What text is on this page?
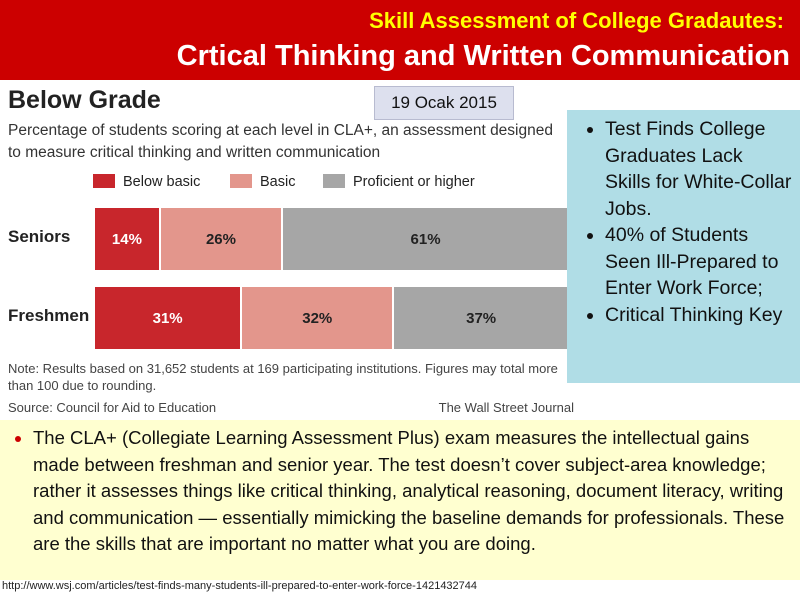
Skill Assessment of College Gradautes:
Crtical Thinking and Written Communication
Below Grade
Percentage of students scoring at each level in CLA+, an assessment designed to measure critical thinking and written communication
Below basic	Basic	Proficient or higher
Seniors	14%	26%	61%
Freshmen	31%	32%	37%
Note: Results based on 31,652 students at 169 participating institutions. Figures may total more than 100 due to rounding.
Source: Council for Aid to Education	The Wall Street Journal
19 Ocak 2015
• Test Finds College Graduates Lack Skills for White-Collar Jobs.
• 40% of Students Seen Ill-Prepared to Enter Work Force;
• Critical Thinking Key
• The CLA+ (Collegiate Learning Assessment Plus) exam measures the intellectual gains made between freshman and senior year. The test doesn’t cover subject-area knowledge; rather it assesses things like critical thinking, analytical reasoning, document literacy, writing and communication — essentially mimicking the baseline demands for professionals. These are the skills that are important no matter what you are doing.
http://www.wsj.com/articles/test-finds-many-students-ill-prepared-to-enter-work-force-1421432744
